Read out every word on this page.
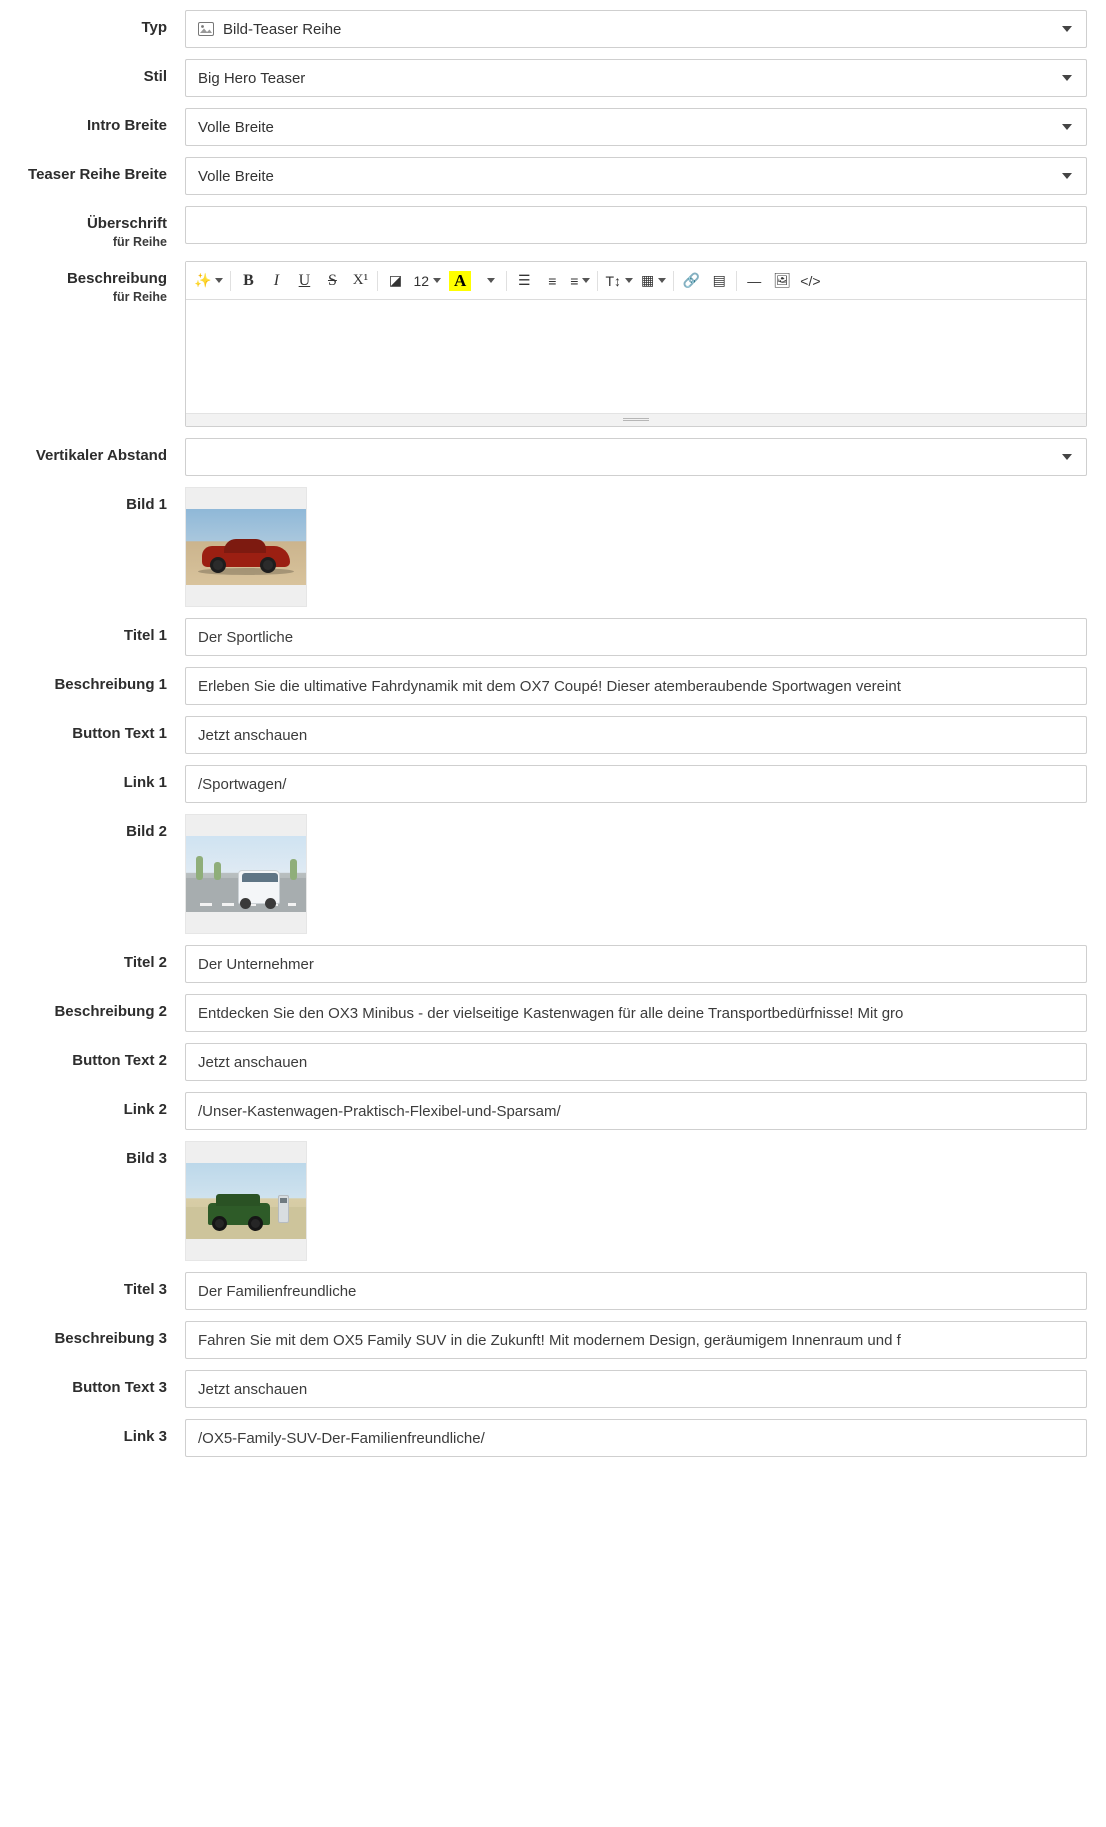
Typ	Bild-Teaser Reihe
Stil	Big Hero Teaser
Intro Breite	Volle Breite
Teaser Reihe Breite	Volle Breite
Überschrift
für Reihe
Beschreibung
für Reihe
✨	B	I	U	S	X¹	◪ 12 A	☰	≡ ≡	T↕	▦	🔗 ▤	— 🖼 </>
Vertikaler Abstand
Bild 1
Titel 1	Der Sportliche
Beschreibung 1	Erleben Sie die ultimative Fahrdynamik mit dem OX7 Coupé! Dieser atemberaubende Sportwagen vereint
Button Text 1	Jetzt anschauen
Link 1	/Sportwagen/
Bild 2
Titel 2	Der Unternehmer
Beschreibung 2	Entdecken Sie den OX3 Minibus - der vielseitige Kastenwagen für alle deine Transportbedürfnisse! Mit gro
Button Text 2	Jetzt anschauen
Link 2	/Unser-Kastenwagen-Praktisch-Flexibel-und-Sparsam/
Bild 3
Titel 3	Der Familienfreundliche
Beschreibung 3	Fahren Sie mit dem OX5 Family SUV in die Zukunft! Mit modernem Design, geräumigem Innenraum und f
Button Text 3	Jetzt anschauen
Link 3	/OX5-Family-SUV-Der-Familienfreundliche/
